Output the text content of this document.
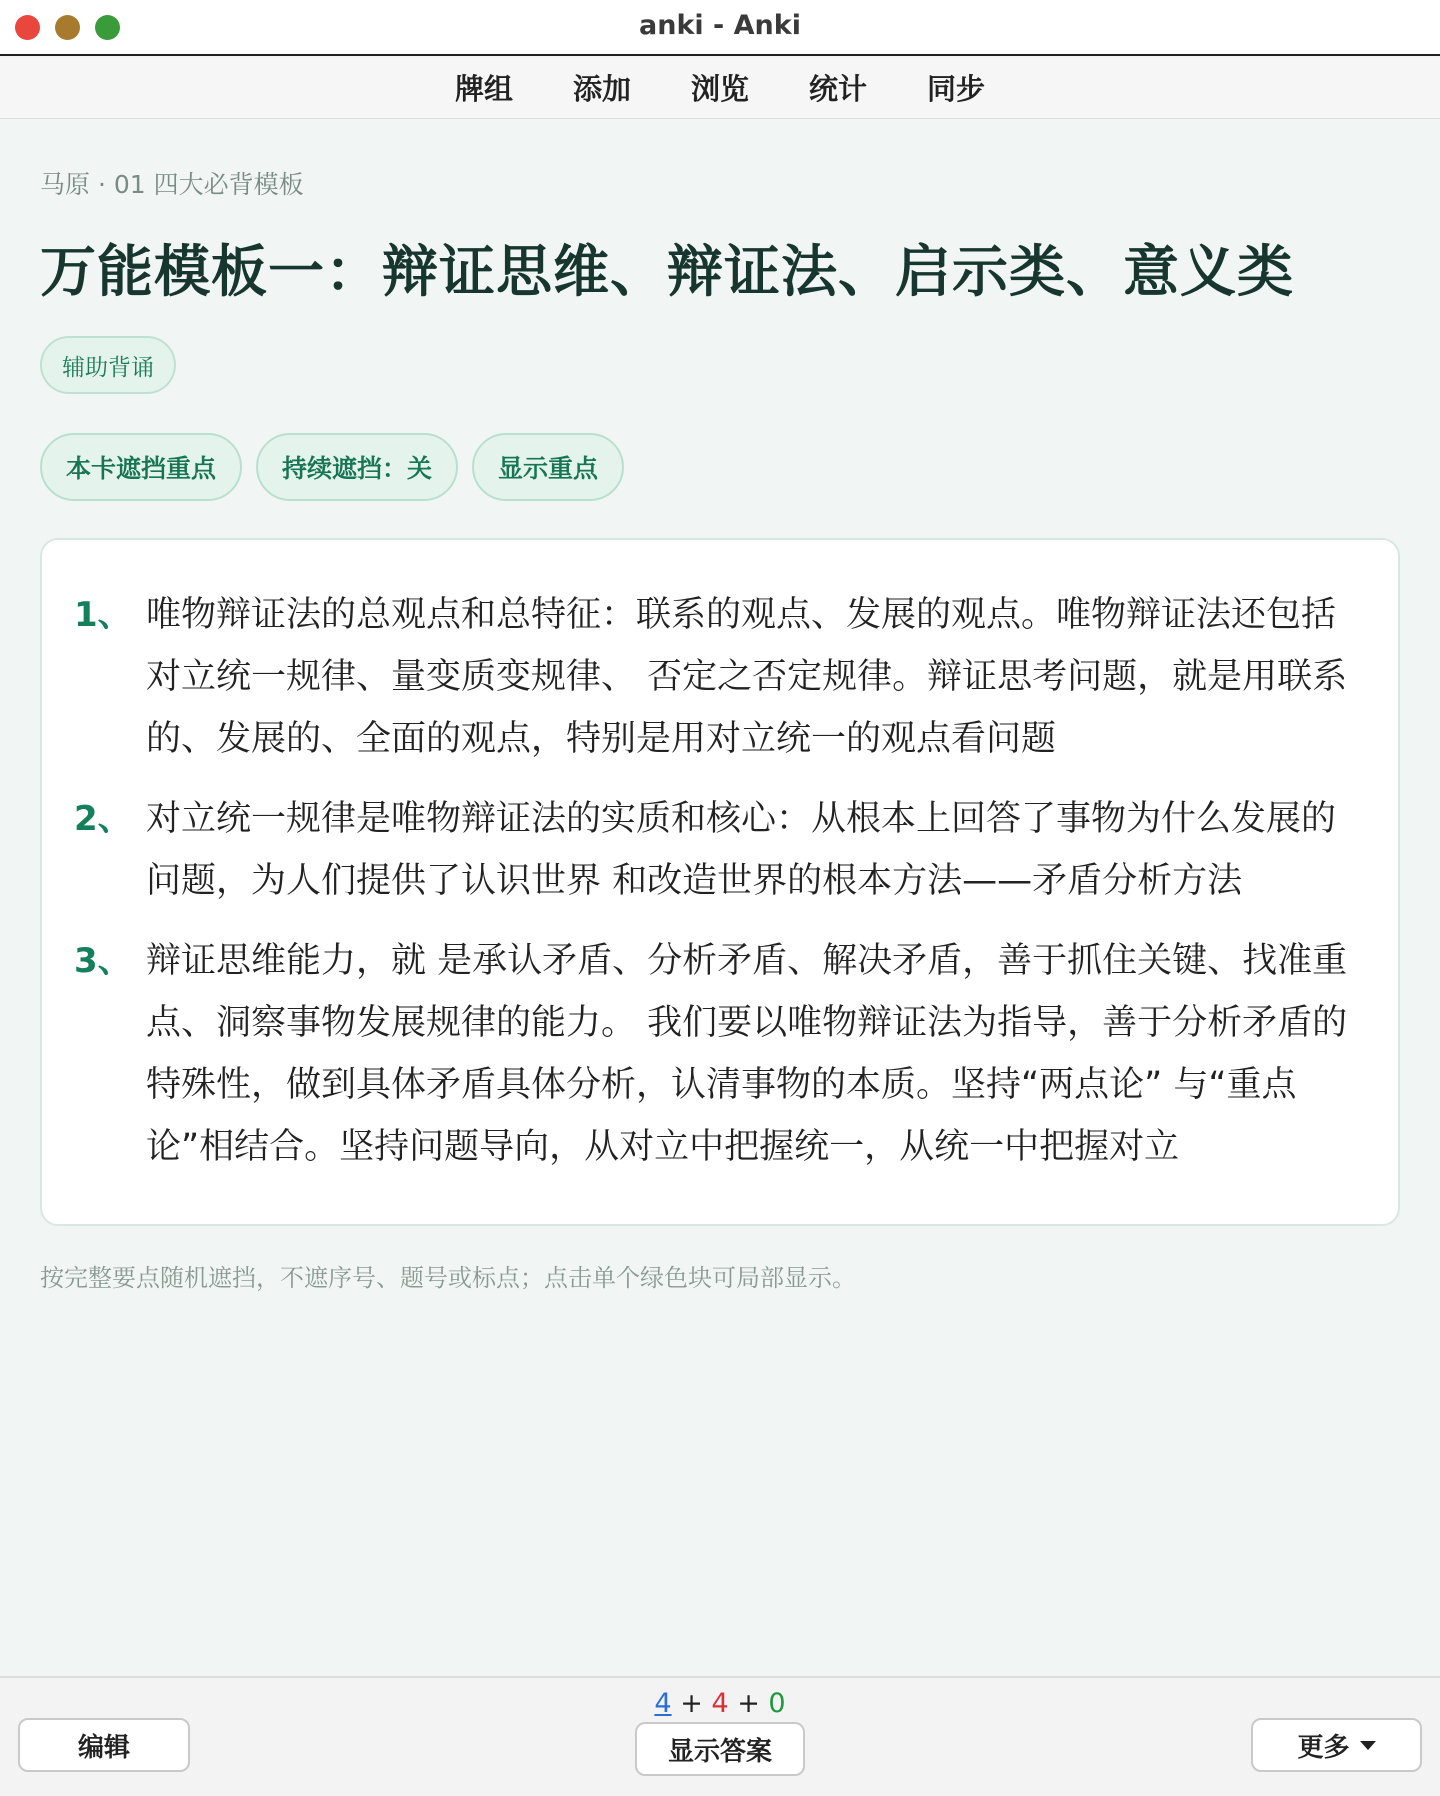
anki - Anki
牌组 添加 浏览 统计 同步
马原 · 01 四大必背模板
万能模板一：辩证思维、辩证法、启示类、意义类
辅助背诵
本卡遮挡重点	持续遮挡：关	显示重点
1、 唯物辩证法的总观点和总特征：联系的观点、发展的观点。唯物辩证法还包括对立统一规律、量变质变规律、 否定之否定规律。辩证思考问题，就是用联系的、发展的、全面的观点，特别是用对立统一的观点看问题
2、 对立统一规律是唯物辩证法的实质和核心：从根本上回答了事物为什么发展的问题，为人们提供了认识世界 和改造世界的根本方法——矛盾分析方法
3、 辩证思维能力，就 是承认矛盾、分析矛盾、解决矛盾，善于抓住关键、找准重点、洞察事物发展规律的能力。 我们要以唯物辩证法为指导，善于分析矛盾的特殊性，做到具体矛盾具体分析，认清事物的本质。坚持“两点论” 与“重点论”相结合。坚持问题导向，从对立中把握统一，从统一中把握对立
按完整要点随机遮挡，不遮序号、题号或标点；点击单个绿色块可局部显示。
4 + 4 + 0
编辑	显示答案	更多
